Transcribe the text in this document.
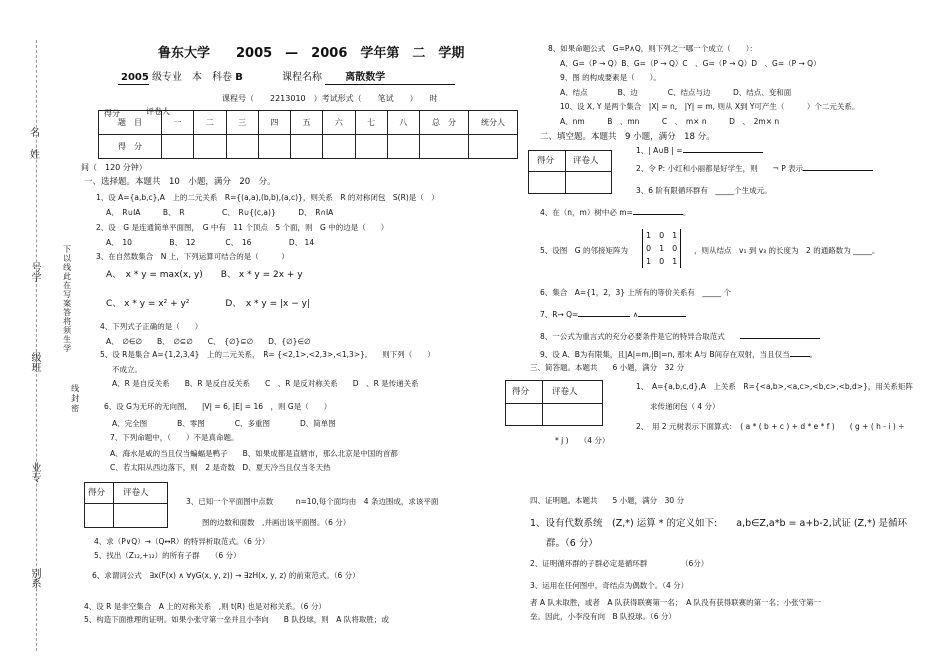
名
姓
号学
级班
业专
别系
下以线此在写案答将须生学
线封密
鲁东大学　　2005　—　2006　学年第　二　学期
2005 级专业　本　科卷 B	课程名称 离散数学
课程号（　　2213010　）考试形式（　　笔试　　）　　时
题　目	一	二	三	四	五	六	七	八	总　分	统分人
得　分										
得分	评卷人
间（　120 分钟）
一、选择题。本题共　10　小题，满分　20　分。
1、设 A={a,b,c},A　上的二元关系　R={(a,a),(b,b),(a,c)}，则关系　R 的对称闭包　S(R)是（　）
A、　R∪IA　　　B、　R　　　　　C、　R∪{(c,a)}　　　D、　R∩IA
2、设　G 是连通简单平面图，　G 中有　11 个顶点　5 个面，则　G 中的边是（　　）
A、　10　　　　　B、　12　　　　C、　16　　　　　D、 14
3、在自然数集合　N 上，下列运算可结合的是（　　　）
A、　x * y = max(x, y)　　B、 x * y = 2x + y
C、 x * y = x² + y²　　　　D、　x * y = |x − y|
4、下列式子正确的是（　　）
A、　∅∈∅　　B、　∅⊆∅　　C、　{∅}⊆∅　　D、{∅}∈∅
5、设 R是集合 A={1,2,3,4}　上的二元关系，　R= {<2,1>,<2,3>,<1,3>},　　则下列（　　）
不成立。
A、R 是自反关系　　B、R 是反自反关系　　C　、R 是反对称关系　　D　、R 是传递关系
6、设 G为无环的无向图,　　|V| = 6, |E| = 16　，则 G是（　　）
A、完全图　　　　B、零图　　　　C、多重图　　　　D、简单图
7、下列命题中，（　　）不是真命题。
A、海水是咸的当且仅当蝙蝠是鸭子　　B、如果成都是直辖市，那么北京是中国的首都
C、若太阳从西边落下，则　2 是奇数　D、夏天冷当且仅当冬天热
得分 评卷人
3、已知一个平面图中点数　　　n=10,每个面均由　4 条边围成，求该平面
图的边数和面数　,并画出该平面图。（6 分）
4、求（P∨Q）→（Q↔R）的特异析取范式。（6 分）
5、找出（Z₁₂,+₁₂）的所有子群　　（6 分）
6、求谓词公式　∃x(F(x) ∧ ∀yG(x, y, z)) → ∃zH(x, y, z) 的前束范式。（6 分）
4、设 R 是非空集合　A 上的对称关系　,则 t(R) 也是对称关系。（6 分）
5、构造下面推理的证明。如果小张守第一垒并且小李向　　B 队投球，则　A 队将取胜；或
8、如果命题公式　G=P∧Q，则下列之一哪一个成立（　　）：
A、G=（P → Q）B、G=（P → Q）C　、G=（P → Q）D　、G=（P → Q）
9、图 的构成要素是（　　）。
A、结点　　　　B、边　　　　C、结点与边　　　D、结点、变和面
10、设 X, Y 是两个集合　|X| = n,　|Y| = m, 则从 X到 Y可产生（　　　）个二元关系。
A、nm　　　B　、mn　　　C　、　m× n　　　D　、　2m× n
二、填空题。本题共　9 小题，满分　18 分。
得分 评卷人
1、| A∪B | =
2、令 P: 小红和小丽都是好学生，则　　¬ P 表示
3、6 阶有限循环群有　_____个生成元。
4、在（n，m）树中必 m=	。
5、设图　G 的邻接矩阵为
1　0　1
0　1　0
1　0　1
，则从结点　v₁ 到 v₃ 的长度为　2 的通路数为 _____。
6、集合　A={1，2，3} 上所有的等价关系有　_____ 个
7、R→ Q=	∧
8、一公式为重言式的充分必要条件是它的特异合取范式　　
9、设 A、B为有限集，且|A|=m,|B|=n, 那末 A与 B间存在双射，当且仅当	。
三、简答题。本题共　　6 小题，满分　32 分
得分	评卷人
1、　A={a,b,c,d},A　上关系　R={<a,b>,<a,c>,<b,c>,<b,d>}，用关系矩阵
求传递闭包（ 4 分）
2、　用 2 元树表示下面算式：　( a * ( b + c ) + d * e * f )　　( g + ( h - i ) ÷
* j )　　（4 分）
四、证明题。本题共　　5 小题，满分　30 分
1、设有代数系统　(Z,*) 运算 * 的定义如下:　　a,b∈Z,a*b = a+b-2,试证 (Z,*) 是循环
群。（6 分）
2、证明循环群的子群必定是循环群　　　　　（6分）
3、运用在任何图中，奇结点为偶数个。（4 分）
者 A 队未取胜，或者　A 队获得联赛第一名；　A 队没有获得联赛的第一名；小张守第一
垒。因此，小李没有向　B 队投球。（6 分）
